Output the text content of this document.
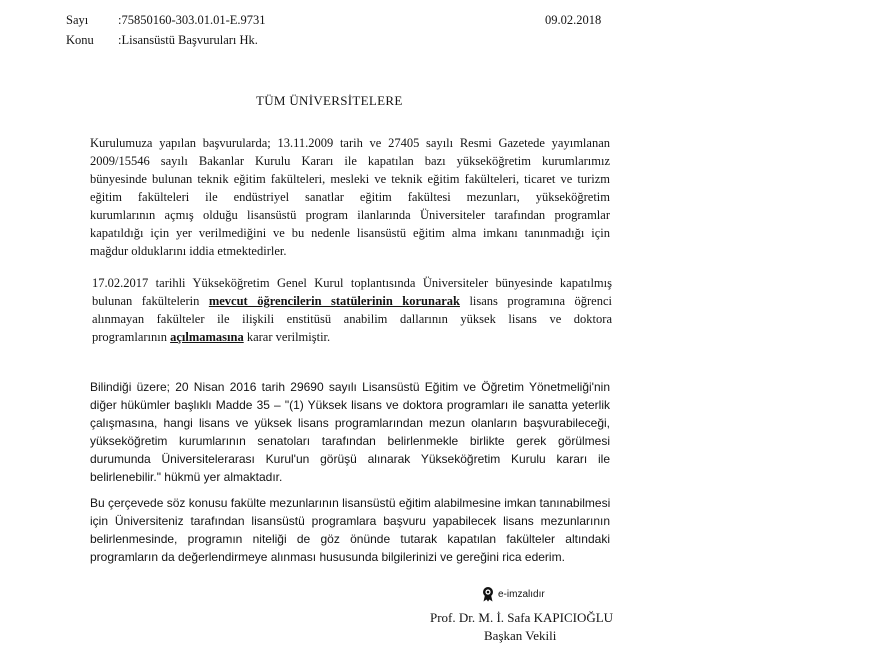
Sayı :75850160-303.01.01-E.9731
Konu :Lisansüstü Başvuruları Hk.
09.02.2018
TÜM ÜNİVERSİTELERE
Kurulumuza yapılan başvurularda; 13.11.2009 tarih ve 27405 sayılı Resmi Gazetede yayımlanan
2009/15546 sayılı Bakanlar Kurulu Kararı ile kapatılan bazı yükseköğretim kurumlarımız
bünyesinde bulunan teknik eğitim fakülteleri, mesleki ve teknik eğitim fakülteleri, ticaret ve turizm
eğitim fakülteleri ile endüstriyel sanatlar eğitim fakültesi mezunları, yükseköğretim
kurumlarının açmış olduğu lisansüstü program ilanlarında Üniversiteler tarafından programlar
kapatıldığı için yer verilmediğini ve bu nedenle lisansüstü eğitim alma imkanı tanınmadığı için
mağdur olduklarını iddia etmektedirler.
17.02.2017 tarihli Yükseköğretim Genel Kurul toplantısında Üniversiteler bünyesinde kapatılmış
bulunan fakültelerin mevcut öğrencilerin statülerinin korunarak lisans programına öğrenci
alınmayan fakülteler ile ilişkili enstitüsü anabilim dallarının yüksek lisans ve doktora
programlarının açılmamasına karar verilmiştir.
Bilindiği üzere; 20 Nisan 2016 tarih 29690 sayılı Lisansüstü Eğitim ve Öğretim Yönetmeliği'nin
diğer hükümler başlıklı Madde 35 – "(1) Yüksek lisans ve doktora programları ile sanatta yeterlik
çalışmasına, hangi lisans ve yüksek lisans programlarından mezun olanların başvurabileceği,
yükseköğretim kurumlarının senatoları tarafından belirlenmekle birlikte gerek görülmesi
durumunda Üniversitelerarası Kurul'un görüşü alınarak Yükseköğretim Kurulu kararı ile
belirlenebilir." hükmü yer almaktadır.
Bu çerçevede söz konusu fakülte mezunlarının lisansüstü eğitim alabilmesine imkan tanınabilmesi
için Üniversiteniz tarafından lisansüstü programlara başvuru yapabilecek lisans mezunlarının
belirlenmesinde, programın niteliği de göz önünde tutarak kapatılan fakülteler altındaki
programların da değerlendirmeye alınması hususunda bilgilerinizi ve gereğini rica ederim.
e-imzalıdır
Prof. Dr. M. İ. Safa KAPICIOĞLU
Başkan Vekili
